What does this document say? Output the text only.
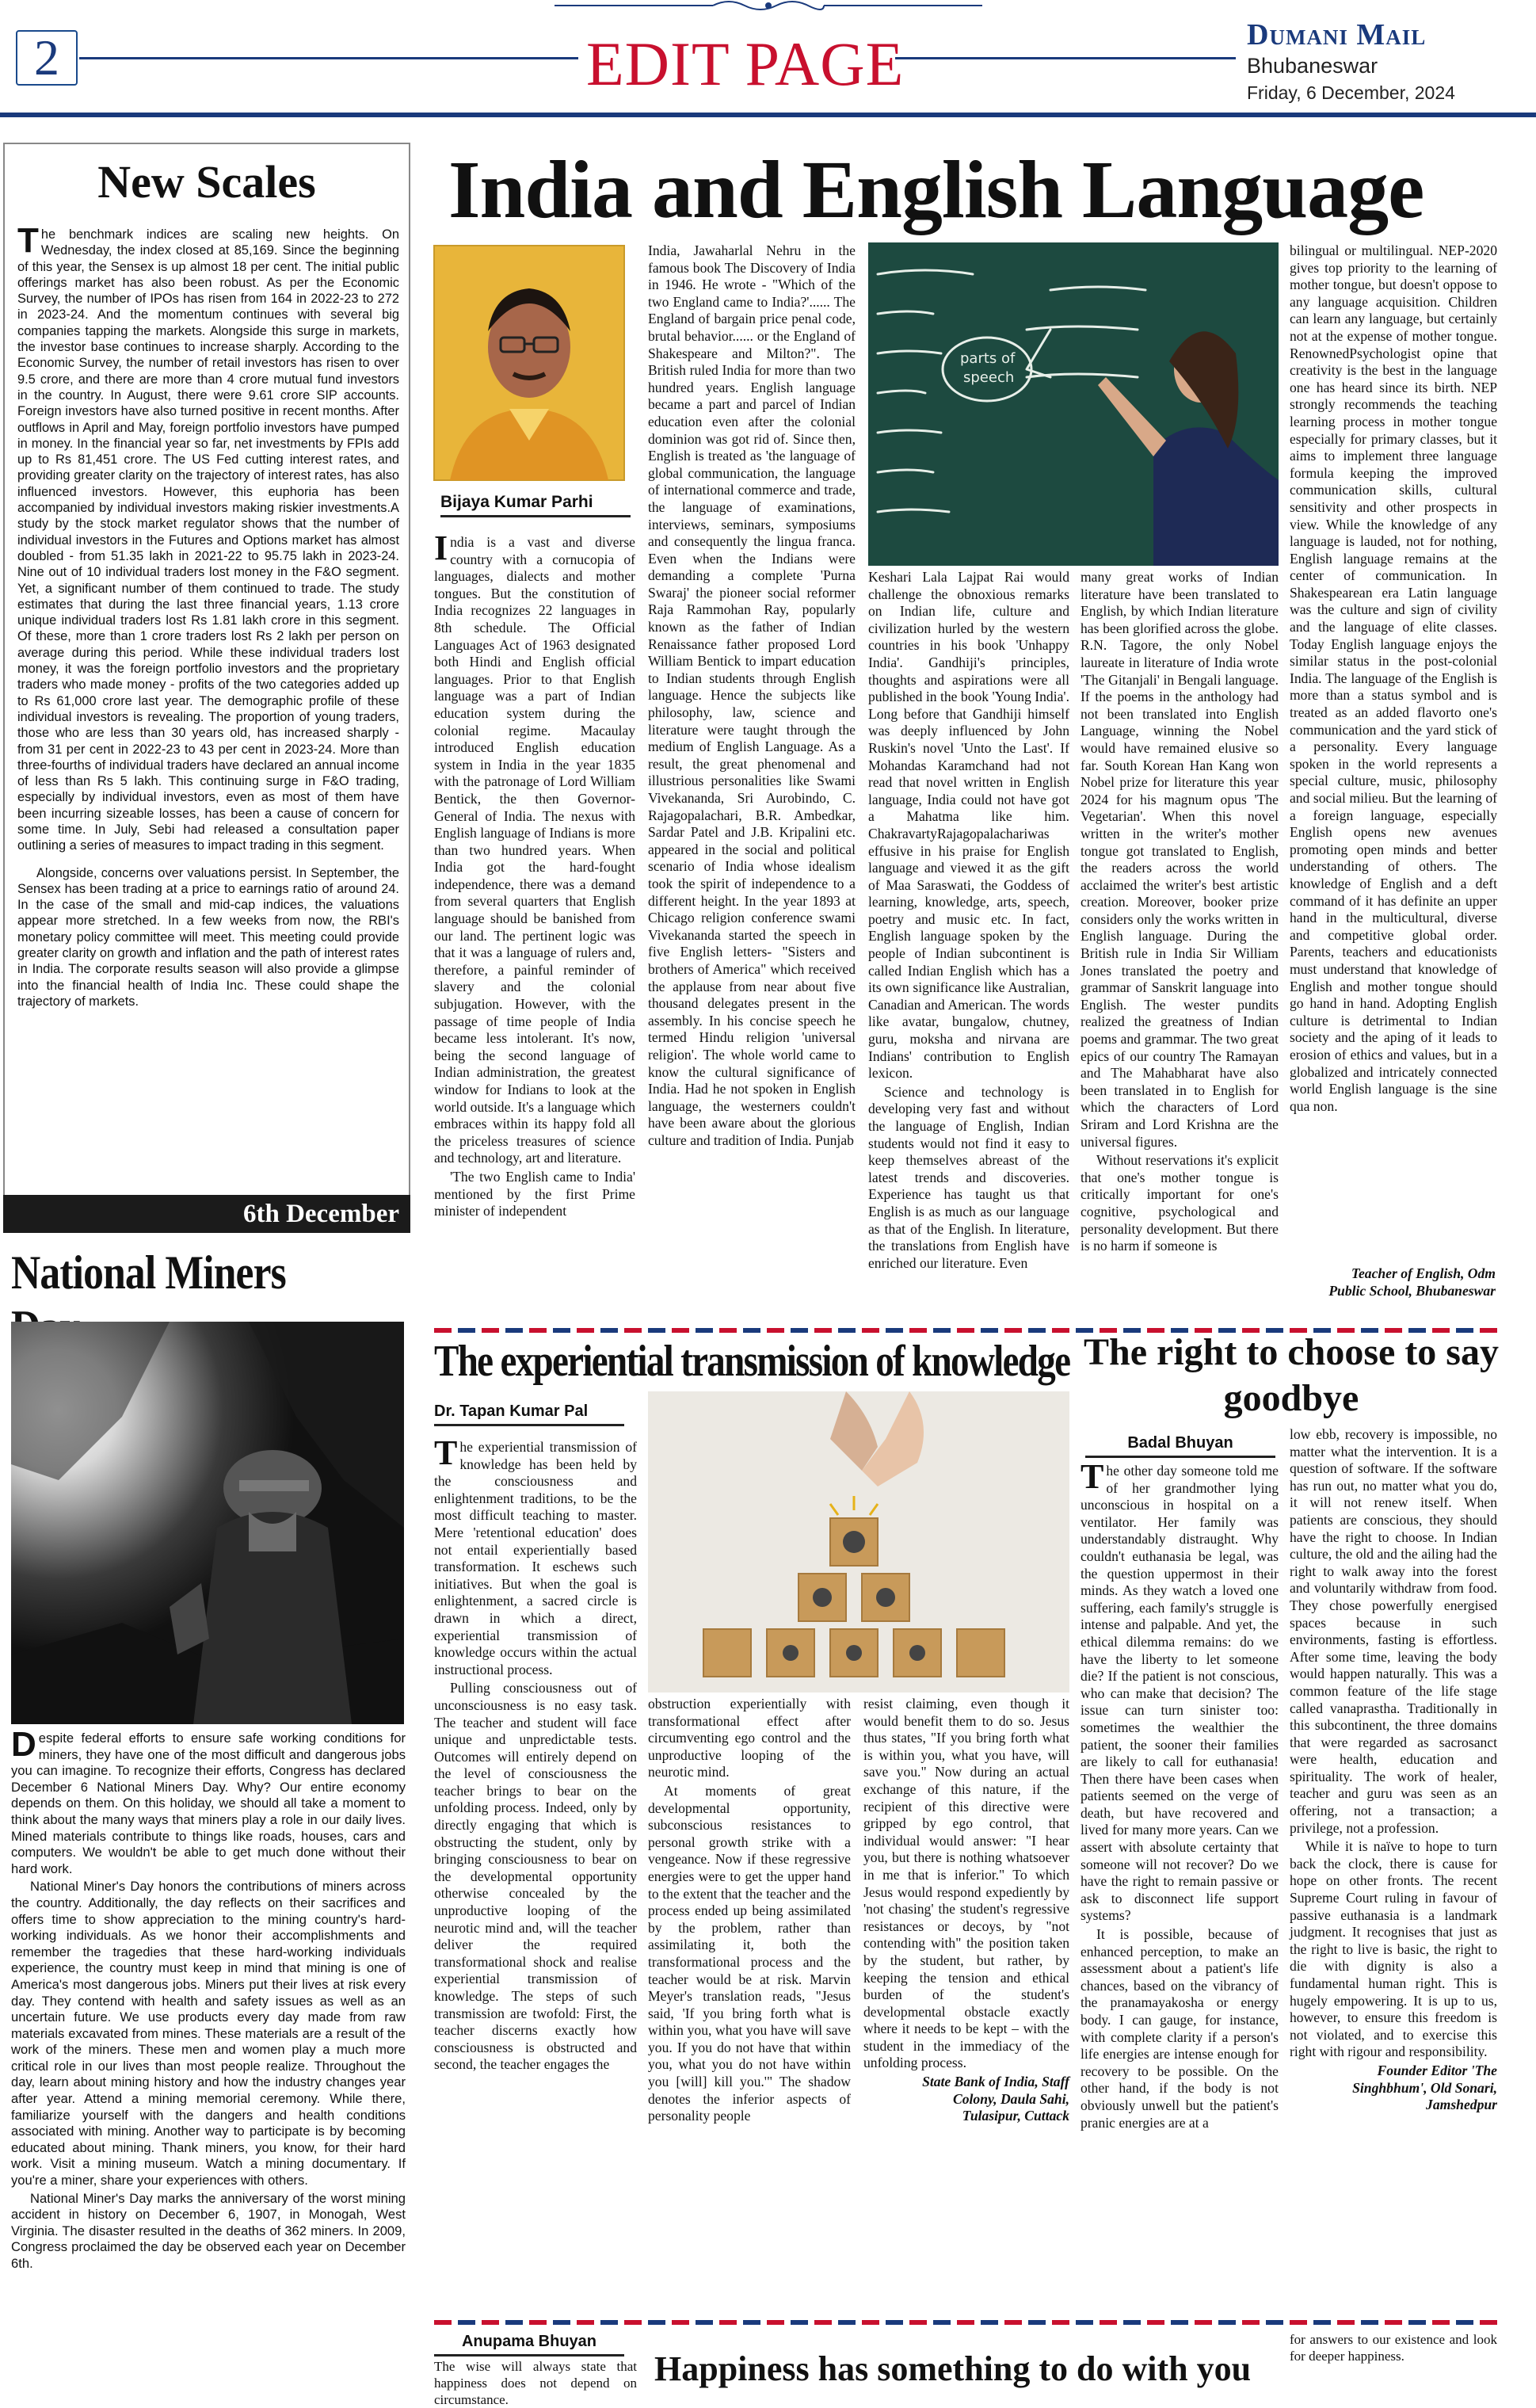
2	EDIT PAGE	Dumani Mail
Bhubaneswar
Friday, 6 December, 2024
New Scales

The benchmark indices are scaling new heights. On Wednesday, the index closed at 85,169. Since the beginning of this year, the Sensex is up almost 18 per cent. The initial public offerings market has also been robust. As per the Economic Survey, the number of IPOs has risen from 164 in 2022-23 to 272 in 2023-24. And the momentum continues with several big companies tapping the markets. Alongside this surge in markets, the investor base continues to increase sharply. According to the Economic Survey, the number of retail investors has risen to over 9.5 crore, and there are more than 4 crore mutual fund investors in the country. In August, there were 9.61 crore SIP accounts. Foreign investors have also turned positive in recent months. After outflows in April and May, foreign portfolio investors have pumped in money. In the financial year so far, net investments by FPIs add up to Rs 81,451 crore. The US Fed cutting interest rates, and providing greater clarity on the trajectory of interest rates, has also influenced investors. However, this euphoria has been accompanied by individual investors making riskier investments.A study by the stock market regulator shows that the number of individual investors in the Futures and Options market has almost doubled - from 51.35 lakh in 2021-22 to 95.75 lakh in 2023-24. Nine out of 10 individual traders lost money in the F&O segment. Yet, a significant number of them continued to trade. The study estimates that during the last three financial years, 1.13 crore unique individual traders lost Rs 1.81 lakh crore in this segment. Of these, more than 1 crore traders lost Rs 2 lakh per person on average during this period. While these individual traders lost money, it was the foreign portfolio investors and the proprietary traders who made money - profits of the two categories added up to Rs 61,000 crore last year. The demographic profile of these individual investors is revealing. The proportion of young traders, those who are less than 30 years old, has increased sharply - from 31 per cent in 2022-23 to 43 per cent in 2023-24. More than three-fourths of individual traders have declared an annual income of less than Rs 5 lakh. This continuing surge in F&O trading, especially by individual investors, even as most of them have been incurring sizeable losses, has been a cause of concern for some time. In July, Sebi had released a consultation paper outlining a series of measures to impact trading in this segment.

Alongside, concerns over valuations persist. In September, the Sensex has been trading at a price to earnings ratio of around 24. In the case of the small and mid-cap indices, the valuations appear more stretched. In a few weeks from now, the RBI's monetary policy committee will meet. This meeting could provide greater clarity on growth and inflation and the path of interest rates in India. The corporate results season will also provide a glimpse into the financial health of India Inc. These could shape the trajectory of markets.

6th December
National Miners

Despite federal efforts to ensure safe working conditions for miners, they have one of the most difficult and dangerous jobs you can imagine. To recognize their efforts, Congress has declared December 6 National Miners Day. Why? Our entire economy depends on them. On this holiday, we should all take a moment to think about the many ways that miners play a role in our daily lives. Mined materials contribute to things like roads, houses, cars and computers. We wouldn't be able to get much done without their hard work.

National Miner's Day honors the contributions of miners across the country. Additionally, the day reflects on their sacrifices and offers time to show appreciation to the mining country's hard-working individuals. As we honor their accomplishments and remember the tragedies that these hard-working individuals experience, the country must keep in mind that mining is one of America's most dangerous jobs. Miners put their lives at risk every day. They contend with health and safety issues as well as an uncertain future. We use products every day made from raw materials excavated from mines. These materials are a result of the work of the miners. These men and women play a much more critical role in our lives than most people realize. Throughout the day, learn about mining history and how the industry changes year after year. Attend a mining memorial ceremony. While there, familiarize yourself with the dangers and health conditions associated with mining. Another way to participate is by becoming educated about mining. Thank miners, you know, for their hard work. Visit a mining museum. Watch a mining documentary. If you're a miner, share your experiences with others.

National Miner's Day marks the anniversary of the worst mining accident in history on December 6, 1907, in Monogah, West Virginia. The disaster resulted in the deaths of 362 miners. In 2009, Congress proclaimed the day be observed each year on December 6th.

India and English Language
Bijaya Kumar Parhi
parts of
speech

India is a vast and diverse country with a cornucopia of languages, dialects and mother tongues. But the constitution of India recognizes 22 languages in 8th schedule. The Official Languages Act of 1963 designated both Hindi and English official languages. Prior to that English language was a part of Indian education system during the colonial regime. Macaulay introduced English education system in India in the year 1835 with the patronage of Lord William Bentick, the then Governor- General of India. The nexus with English language of Indians is more than two hundred years. When India got the hard-fought independence, there was a demand from several quarters that English language should be banished from our land. The pertinent logic was that it was a language of rulers and, therefore, a painful reminder of slavery and the colonial subjugation. However, with the passage of time people of India became less intolerant. It's now, being the second language of Indian administration, the greatest window for Indians to look at the world outside. It's a language which embraces within its happy fold all the priceless treasures of science and technology, art and literature.

'The two English came to India' mentioned by the first Prime minister of independent

India, Jawaharlal Nehru in the famous book The Discovery of India in 1946. He wrote - "Which of the two England came to India?'...... The England of bargain price penal code, brutal behavior...... or the England of Shakespeare and Milton?". The British ruled India for more than two hundred years. English language became a part and parcel of Indian education even after the colonial dominion was got rid of. Since then, English is treated as 'the language of global communication, the language of international commerce and trade, the language of examinations, interviews, seminars, symposiums and consequently the lingua franca. Even when the Indians were demanding a complete 'Purna Swaraj' the pioneer social reformer Raja Rammohan Ray, popularly known as the father of Indian Renaissance father proposed Lord William Bentick to impart education to Indian students through English language. Hence the subjects like philosophy, law, science and literature were taught through the medium of English Language. As a result, the great phenomenal and illustrious personalities like Swami Vivekananda, Sri Aurobindo, C. Rajagopalachari, B.R. Ambedkar, Sardar Patel and J.B. Kripalini etc. appeared in the social and political scenario of India whose idealism took the spirit of independence to a different height. In the year 1893 at Chicago religion conference swami Vivekananda started the speech in five English letters- "Sisters and brothers of America" which received the applause from near about five thousand delegates present in the assembly. In his concise speech he termed Hindu religion 'universal religion'. The whole world came to know the cultural significance of India. Had he not spoken in English language, the westerners couldn't have been aware about the glorious culture and tradition of India. Punjab

Keshari Lala Lajpat Rai would challenge the obnoxious remarks on Indian life, culture and civilization hurled by the western countries in his book 'Unhappy India'. Gandhiji's principles, thoughts and aspirations were all published in the book 'Young India'. Long before that Gandhiji himself was deeply influenced by John Ruskin's novel 'Unto the Last'. If Mohandas Karamchand had not read that novel written in English language, India could not have got a Mahatma like him. ChakravartyRajagopalachariwas effusive in his praise for English language and viewed it as the gift of Maa Saraswati, the Goddess of learning, knowledge, arts, speech, poetry and music etc. In fact, English language spoken by the people of Indian subcontinent is called Indian English which has a its own significance like Australian, Canadian and American. The words like avatar, bungalow, chutney, guru, moksha and nirvana are Indians' contribution to English lexicon.

Science and technology is developing very fast and without the language of English, Indian students would not find it easy to keep themselves abreast of the latest trends and discoveries. Experience has taught us that English is as much as our language as that of the English. In literature, the translations from English have enriched our literature. Even

many great works of Indian literature have been translated to English, by which Indian literature has been glorified across the globe. R.N. Tagore, the only Nobel laureate in literature of India wrote 'The Gitanjali' in Bengali language. If the poems in the anthology had not been translated into English Language, winning the Nobel would have remained elusive so far. South Korean Han Kang won Nobel prize for literature this year 2024 for his magnum opus 'The Vegetarian'. When this novel written in the writer's mother tongue got translated to English, the readers across the world acclaimed the writer's best artistic creation. Moreover, booker prize considers only the works written in English language. During the British rule in India Sir William Jones translated the poetry and grammar of Sanskrit language into English. The wester pundits realized the greatness of Indian poems and grammar. The two great epics of our country The Ramayan and The Mahabharat have also been translated in to English for which the characters of Lord Sriram and Lord Krishna are the universal figures.

Without reservations it's explicit that one's mother tongue is critically important for one's cognitive, psychological and personality development. But there is no harm if someone is

bilingual or multilingual. NEP-2020 gives top priority to the learning of mother tongue, but doesn't oppose to any language acquisition. Children can learn any language, but certainly not at the expense of mother tongue. RenownedPsychologist opine that creativity is the best in the language one has heard since its birth. NEP strongly recommends the teaching learning process in mother tongue especially for primary classes, but it aims to implement three language formula keeping the improved communication skills, cultural sensitivity and other prospects in view. While the knowledge of any language is lauded, not for nothing, English language remains at the center of communication. In Shakespearean era Latin language was the culture and sign of civility and the language of elite classes. Today English language enjoys the similar status in the post-colonial India. The language of the English is more than a status symbol and is treated as an added flavorto one's communication and the yard stick of a personality. Every language spoken in the world represents a special culture, music, philosophy and social milieu. But the learning of a foreign language, especially English opens new avenues promoting open minds and better understanding of others. The knowledge of English and a deft command of it has definite an upper hand in the multicultural, diverse and competitive global order. Parents, teachers and educationists must understand that knowledge of English and mother tongue should go hand in hand. Adopting English culture is detrimental to Indian society and the aping of it leads to erosion of ethics and values, but in a globalized and intricately connected world English language is the sine qua non.

Teacher of English, Odm
Public School, Bhubaneswar
The experiential transmission of knowledge
Dr. Tapan Kumar Pal

The experiential transmission of knowledge has been held by the consciousness and enlightenment traditions, to be the most difficult teaching to master. Mere 'retentional education' does not entail experientially based transformation. It eschews such initiatives. But when the goal is enlightenment, a sacred circle is drawn in which a direct, experiential transmission of knowledge occurs within the actual instructional process.

Pulling consciousness out of unconsciousness is no easy task. The teacher and student will face unique and unpredictable tests. Outcomes will entirely depend on the level of consciousness the teacher brings to bear on the unfolding process. Indeed, only by directly engaging that which is obstructing the student, only by bringing consciousness to bear on the developmental opportunity otherwise concealed by the unproductive looping of the neurotic mind and, will the teacher deliver the required transformational shock and realise experiential transmission of knowledge. The steps of such transmission are twofold: First, the teacher discerns exactly how consciousness is obstructed and second, the teacher engages the

obstruction experientially with transformational effect after circumventing ego control and the unproductive looping of the neurotic mind.

At moments of great developmental opportunity, subconscious resistances to personal growth strike with a vengeance. Now if these regressive energies were to get the upper hand to the extent that the teacher and the process ended up being assimilated by the problem, rather than assimilating it, both the transformational process and the teacher would be at risk. Marvin Meyer's translation reads, "Jesus said, 'If you bring forth what is within you, what you have will save you. If you do not have that within you, what you do not have within you [will] kill you.'" The shadow denotes the inferior aspects of personality people

resist claiming, even though it would benefit them to do so. Jesus thus states, "If you bring forth what is within you, what you have, will save you." Now during an actual exchange of this nature, if the recipient of this directive were gripped by ego control, that individual would answer: "I hear you, but there is nothing whatsoever in me that is inferior." To which Jesus would respond expediently by 'not chasing' the student's regressive resistances or decoys, by "not contending with" the position taken by the student, but rather, by keeping the tension and ethical burden of the student's developmental obstacle exactly where it needs to be kept – with the student in the immediacy of the unfolding process.

State Bank of India, Staff
Colony, Daula Sahi,
Tulasipur, Cuttack
The right to choose to say goodbye
Badal Bhuyan

The other day someone told me of her grandmother lying unconscious in hospital on a ventilator. Her family was understandably distraught. Why couldn't euthanasia be legal, was the question uppermost in their minds. As they watch a loved one suffering, each family's struggle is intense and palpable. And yet, the ethical dilemma remains: do we have the liberty to let someone die? If the patient is not conscious, who can make that decision? The issue can turn sinister too: sometimes the wealthier the patient, the sooner their families are likely to call for euthanasia! Then there have been cases when patients seemed on the verge of death, but have recovered and lived for many more years. Can we assert with absolute certainty that someone will not recover? Do we have the right to remain passive or ask to disconnect life support systems?

It is possible, because of enhanced perception, to make an assessment about a patient's life chances, based on the vibrancy of the pranamayakosha or energy body. I can gauge, for instance, with complete clarity if a person's life energies are intense enough for recovery to be possible. On the other hand, if the body is not obviously unwell but the patient's pranic energies are at a

low ebb, recovery is impossible, no matter what the intervention. It is a question of software. If the software has run out, no matter what you do, it will not renew itself. When patients are conscious, they should have the right to choose. In Indian culture, the old and the ailing had the right to walk away into the forest and voluntarily withdraw from food. They chose powerfully energised spaces because in such environments, fasting is effortless. After some time, leaving the body would happen naturally. This was a common feature of the life stage called vanaprastha. Traditionally in this subcontinent, the three domains that were regarded as sacrosanct were health, education and spirituality. The work of healer, teacher and guru was seen as an offering, not a transaction; a privilege, not a profession.

While it is naïve to hope to turn back the clock, there is cause for hope on other fronts. The recent Supreme Court ruling in favour of passive euthanasia is a landmark judgment. It recognises that just as the right to live is basic, the right to die with dignity is also a fundamental human right. This is hugely empowering. It is up to us, however, to ensure this freedom is not violated, and to exercise this right with rigour and responsibility.

Founder Editor 'The
Singhbhum', Old Sonari,
Jamshedpur
Anupama Bhuyan
Happiness has something to do with you

The wise will always state that happiness does not depend on circumstance.

for answers to our existence and look for deeper happiness.
